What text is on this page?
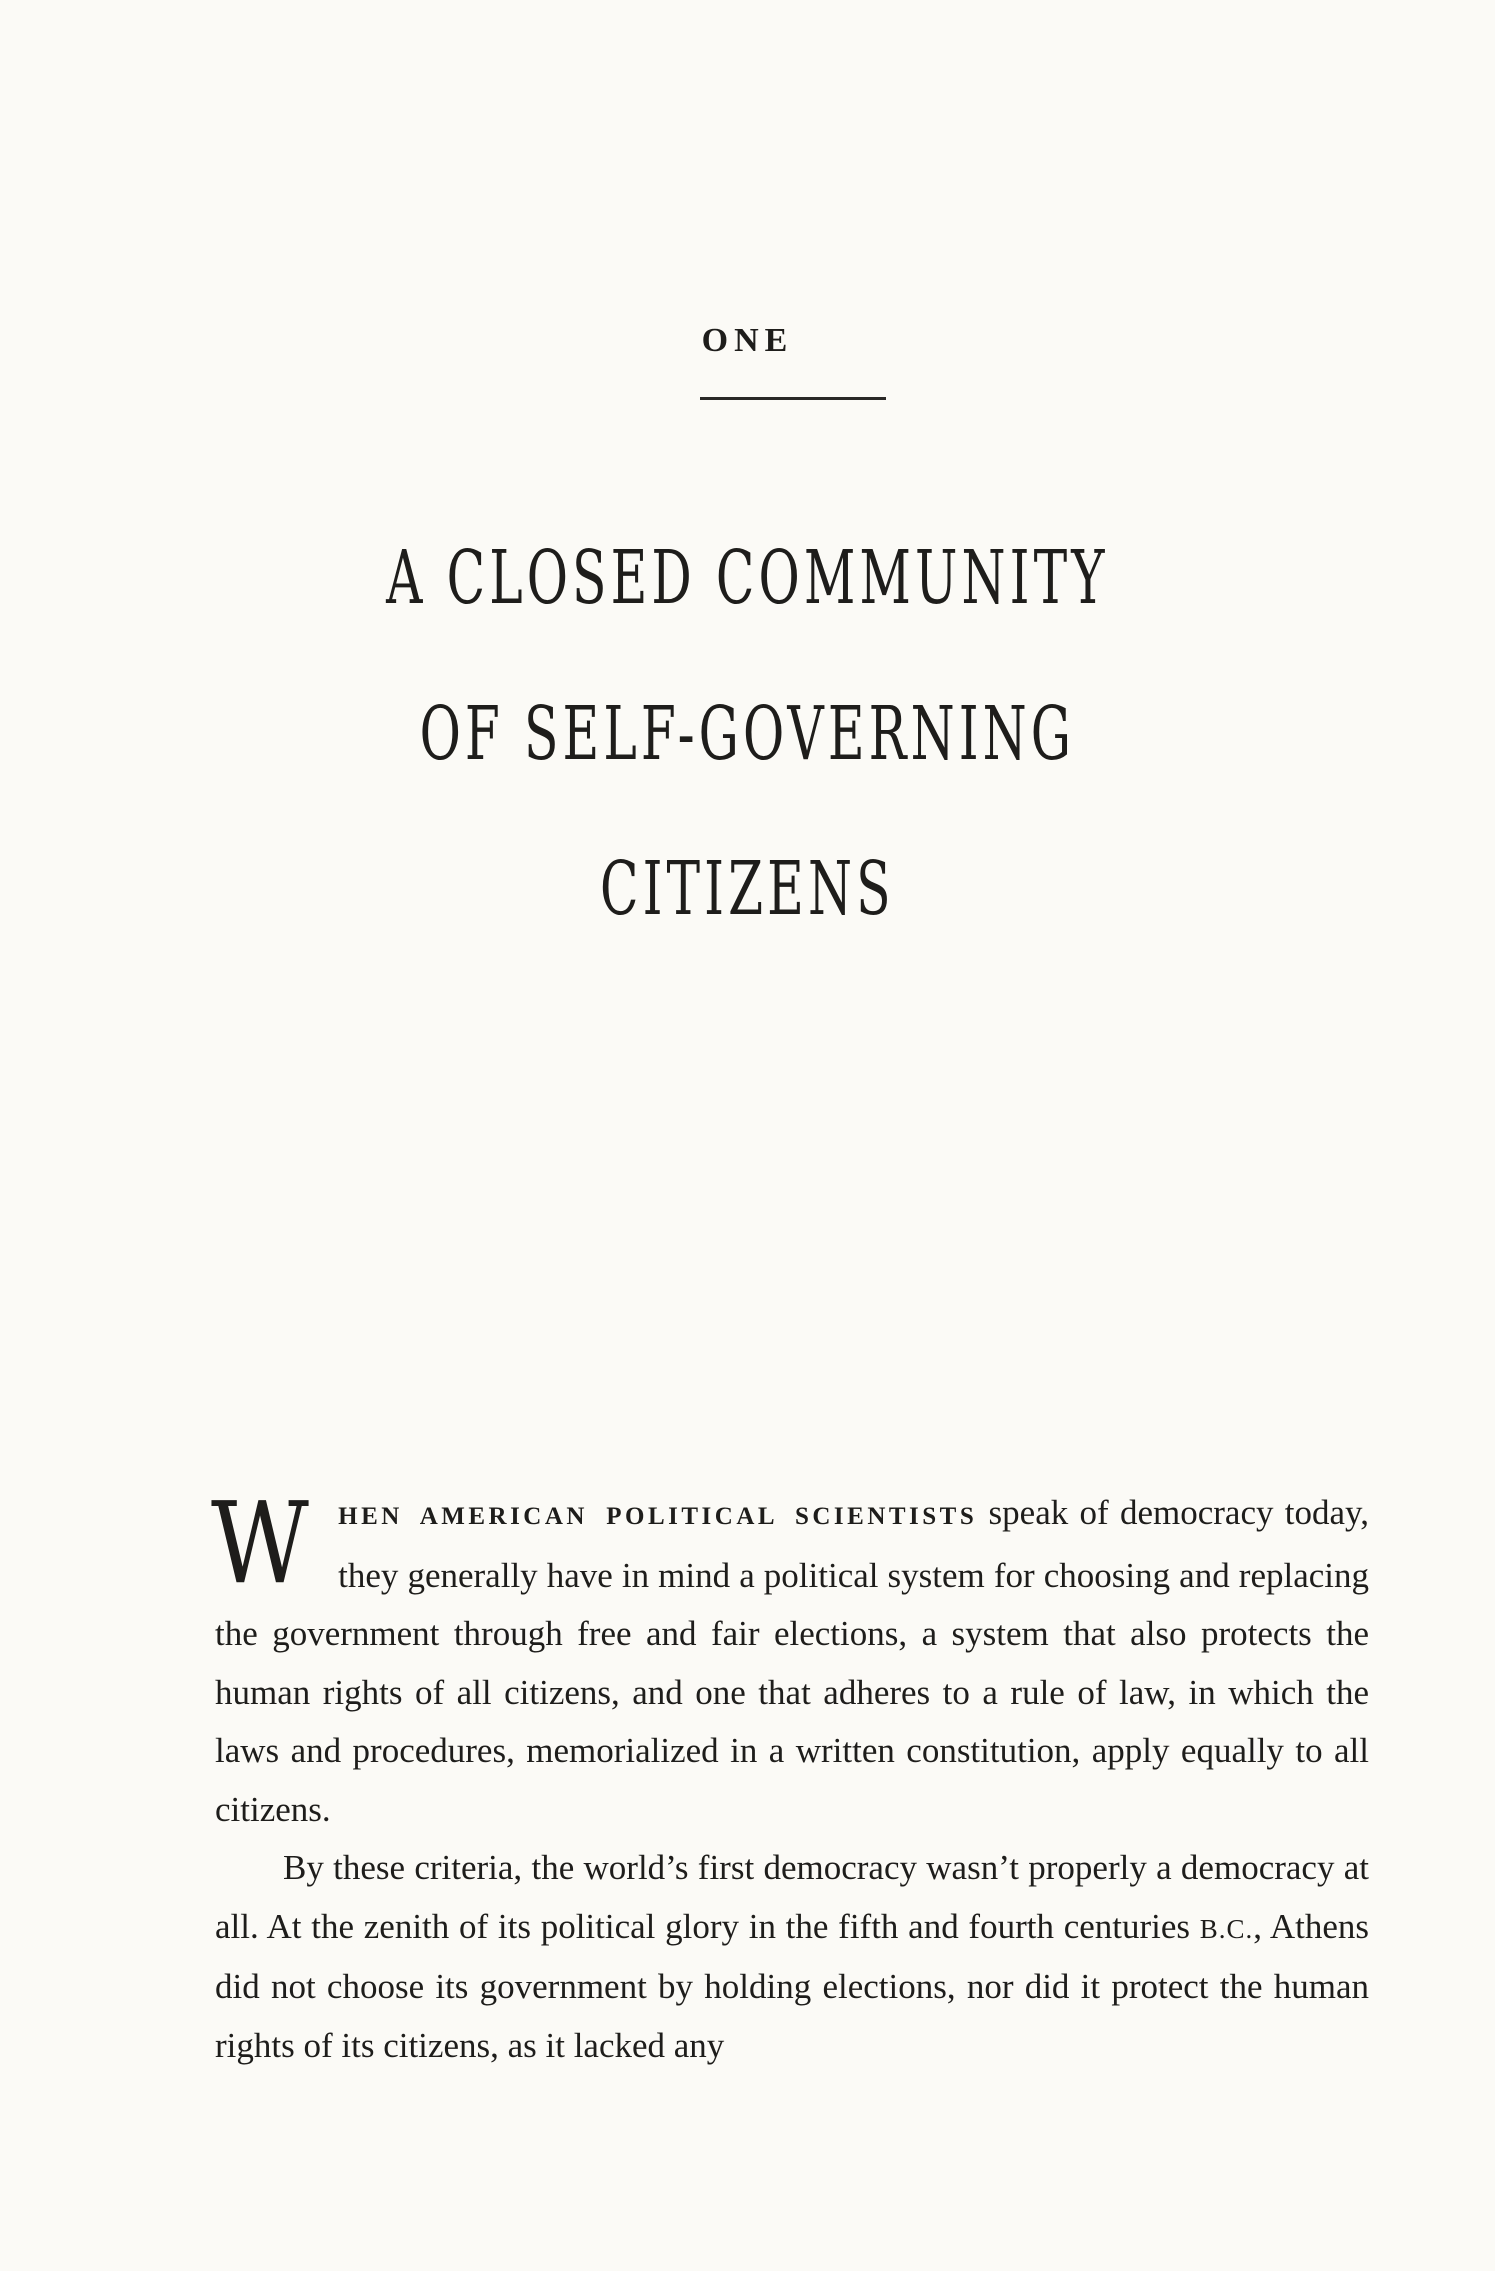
ONE
A CLOSED COMMUNITY
OF SELF-GOVERNING
CITIZENS

W HEN AMERICAN POLITICAL SCIENTISTS speak of democracy today, they generally have in mind a political system for choosing and replacing the government through free and fair elections, a system that also protects the human rights of all citizens, and one that adheres to a rule of law, in which the laws and procedures, memorialized in a written constitution, apply equally to all citizens.

By these criteria, the world’s first democracy wasn’t properly a democracy at all. At the zenith of its political glory in the fifth and fourth centuries B.C., Athens did not choose its government by holding elections, nor did it protect the human rights of its citizens, as it lacked any
